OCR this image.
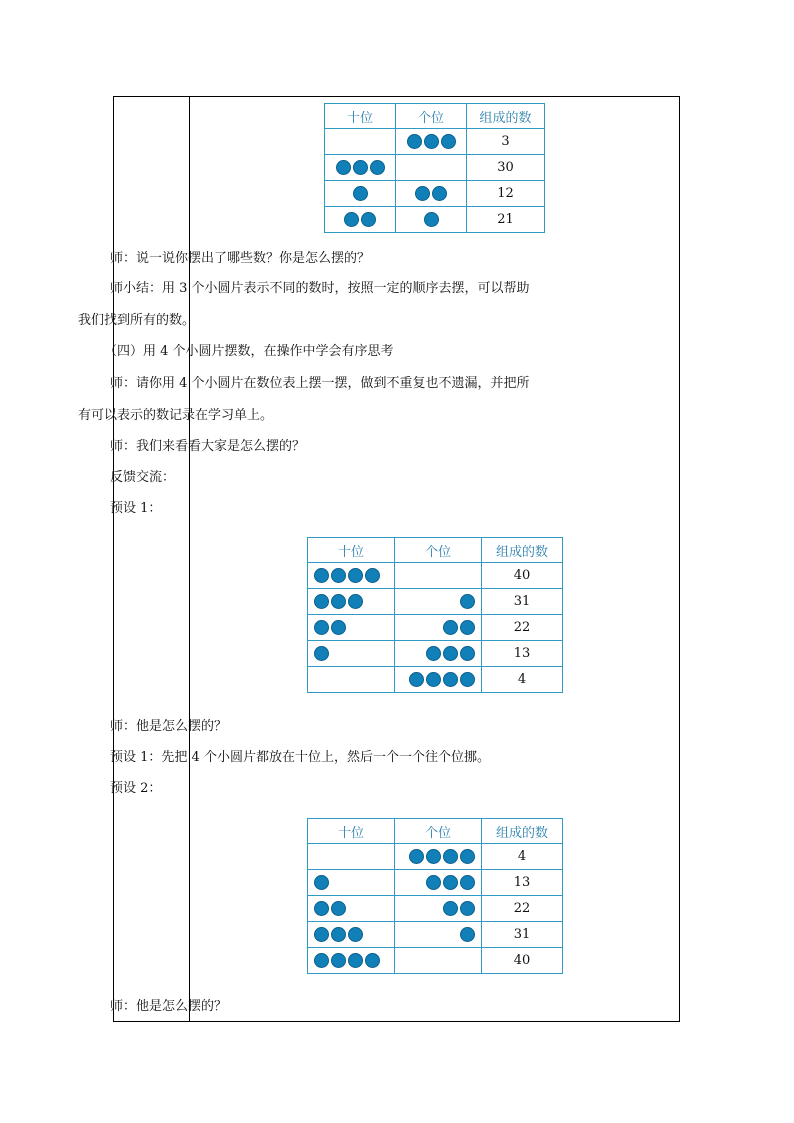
十位	个位	组成的数

	3

	30

	12

	21
师：说一说你摆出了哪些数？你是怎么摆的？
师小结：用 3 个小圆片表示不同的数时，按照一定的顺序去摆，可以帮助
我们找到所有的数。
（四）用 4 个小圆片摆数，在操作中学会有序思考
师：请你用 4 个小圆片在数位表上摆一摆，做到不重复也不遗漏，并把所
有可以表示的数记录在学习单上。
师：我们来看看大家是怎么摆的？
反馈交流：
预设 1：
十位	个位	组成的数

	40

	31

	22

	13

	4
师：他是怎么摆的？
预设 1：先把 4 个小圆片都放在十位上，然后一个一个往个位挪。
预设 2：
十位	个位	组成的数

	4

	13

	22

	31

	40
师：他是怎么摆的？
